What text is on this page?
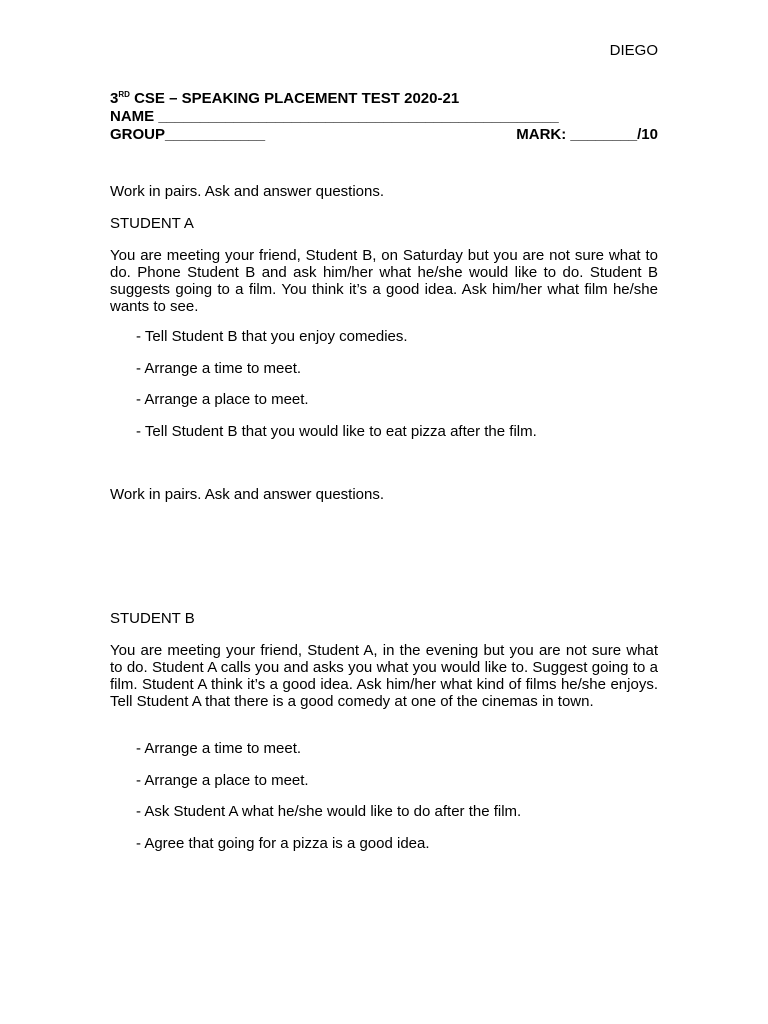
DIEGO
3RD CSE – SPEAKING PLACEMENT TEST 2020-21
NAME ________________________________________________
GROUP____________	MARK: ________/10
Work in pairs. Ask and answer questions.
STUDENT A

You are meeting your friend, Student B, on Saturday but you are not sure what to do. Phone Student B and ask him/her what he/she would like to do. Student B suggests going to a film. You think it’s a good idea. Ask him/her what film he/she wants to see.

- Tell Student B that you enjoy comedies.

- Arrange a time to meet.

- Arrange a place to meet.

- Tell Student B that you would like to eat pizza after the film.

Work in pairs. Ask and answer questions.
STUDENT B

You are meeting your friend, Student A, in the evening but you are not sure what to do. Student A calls you and asks you what you would like to. Suggest going to a film. Student A think it’s a good idea. Ask him/her what kind of films he/she enjoys. Tell Student A that there is a good comedy at one of the cinemas in town.

- Arrange a time to meet.

- Arrange a place to meet.

- Ask Student A what he/she would like to do after the film.

- Agree that going for a pizza is a good idea.
